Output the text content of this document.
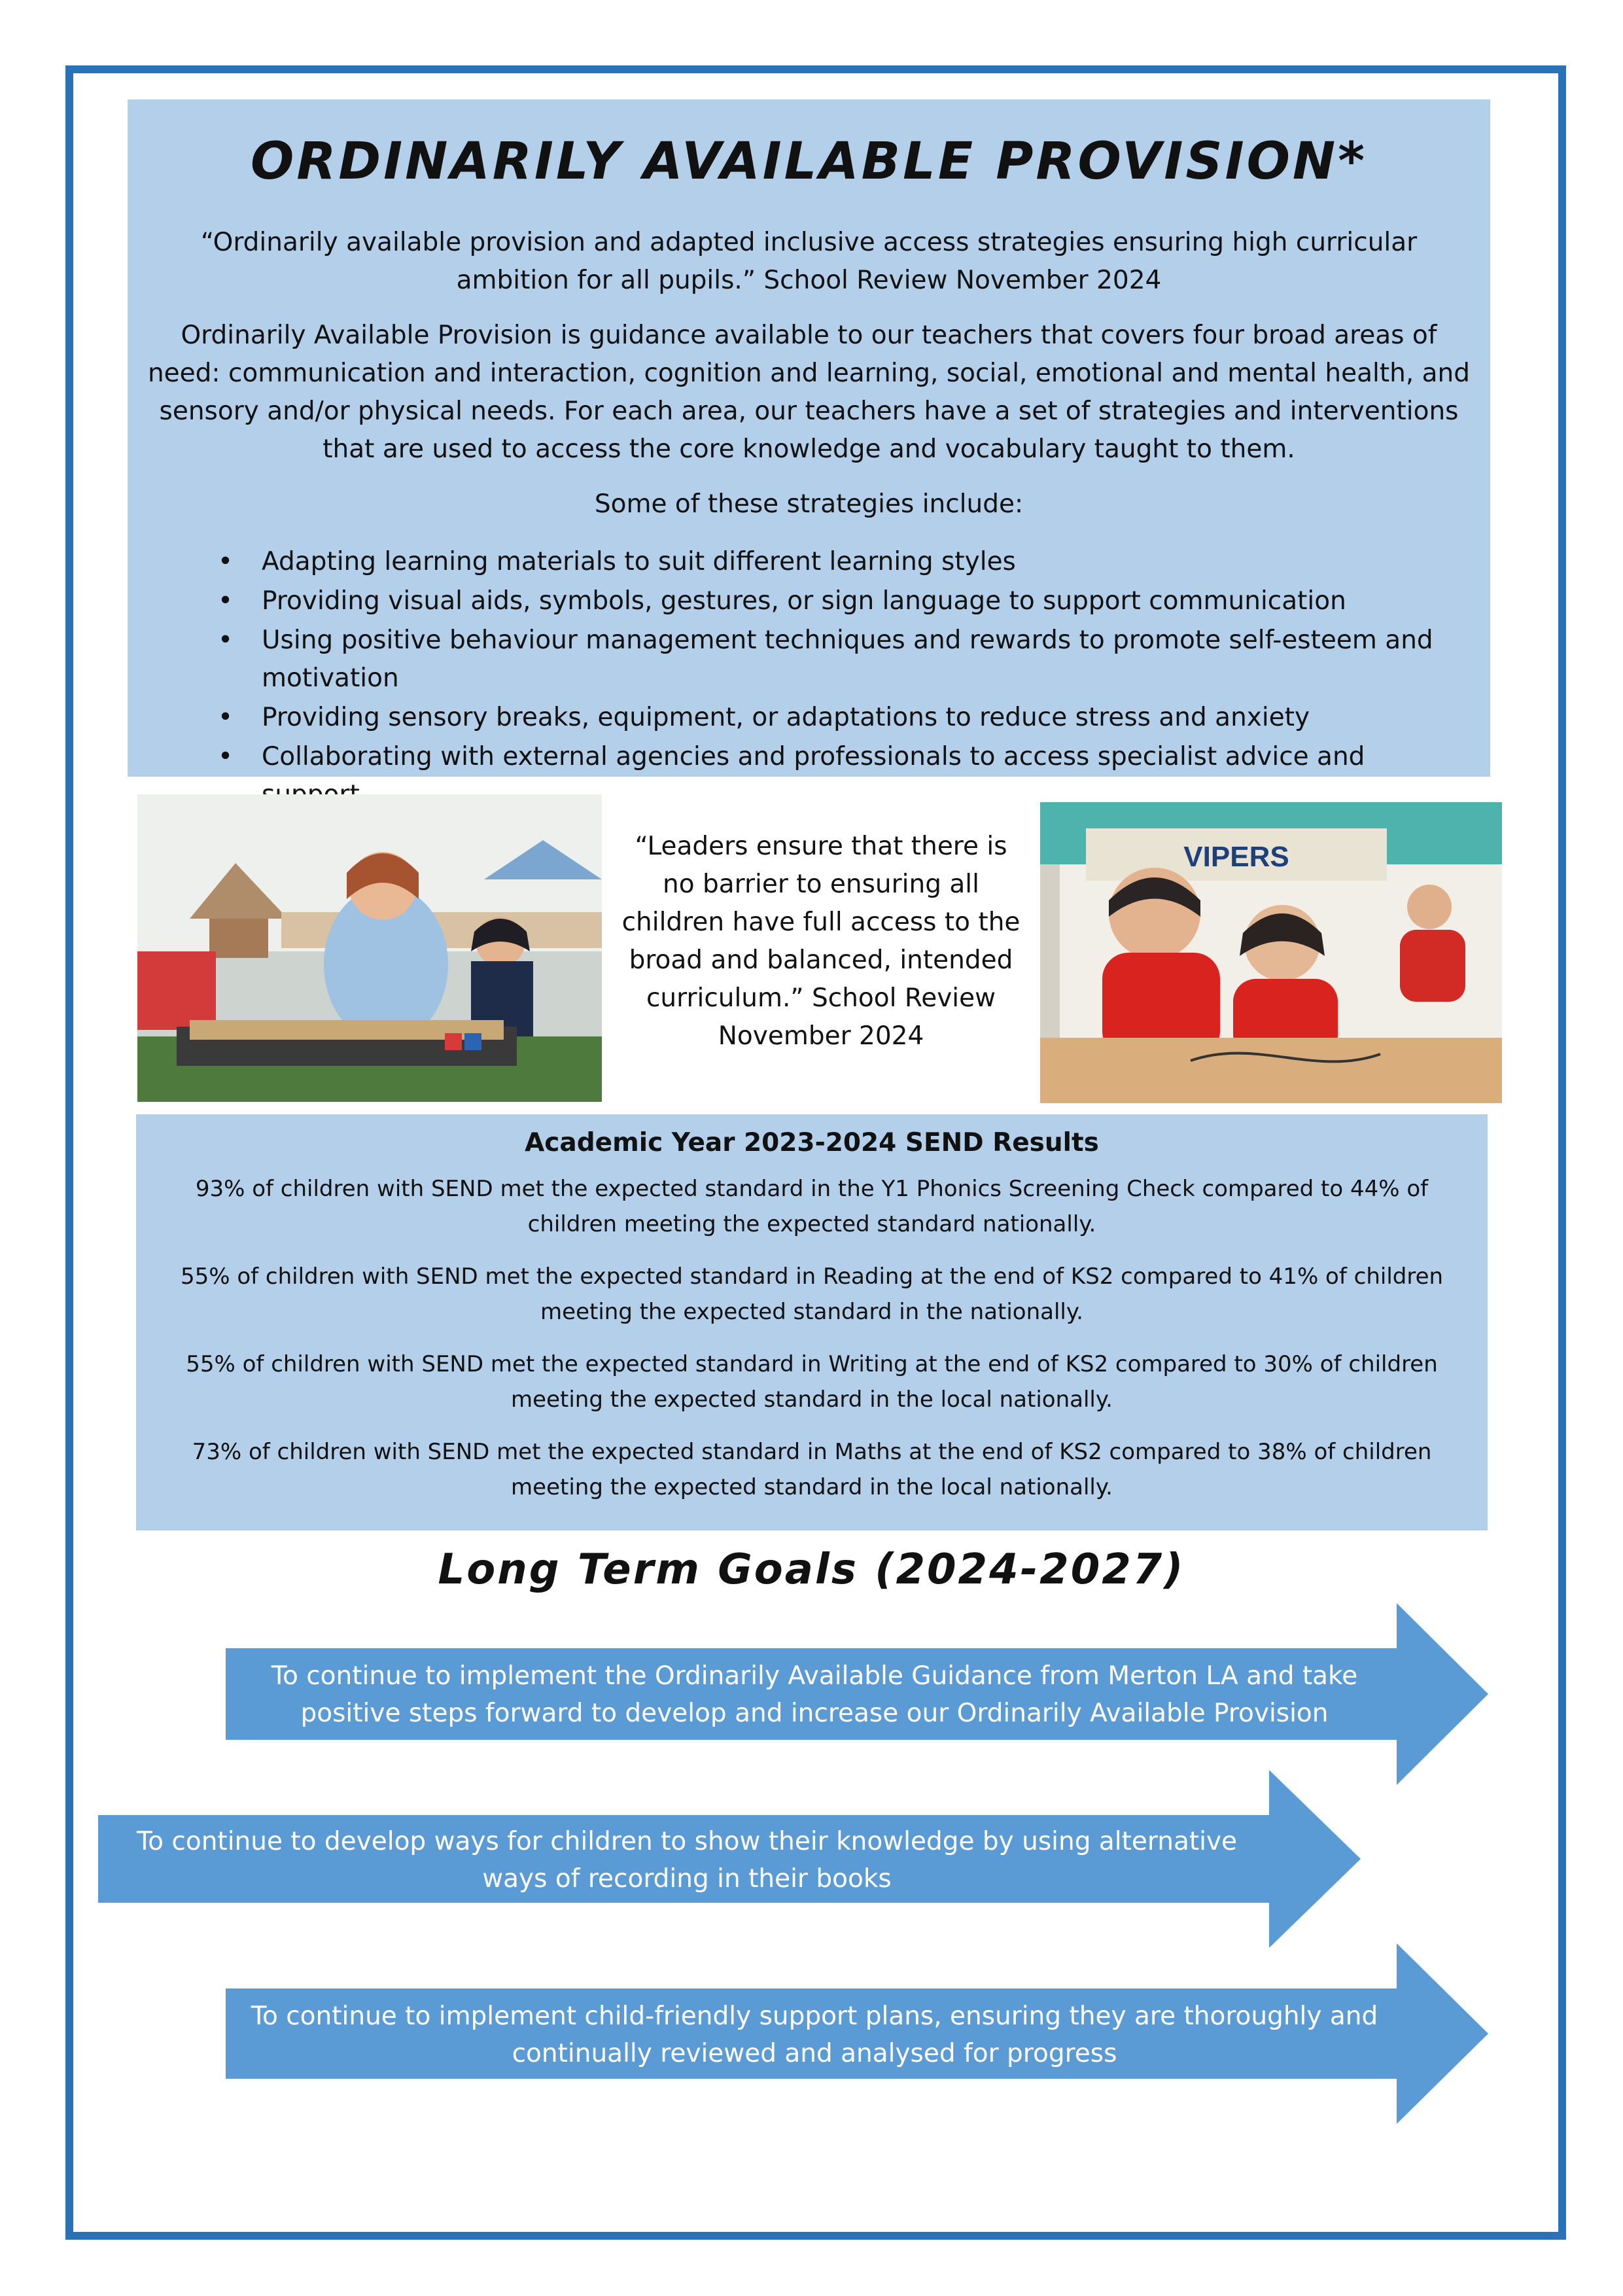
ORDINARILY AVAILABLE PROVISION*

“Ordinarily available provision and adapted inclusive access strategies ensuring high curricular ambition for all pupils.” School Review November 2024

Ordinarily Available Provision is guidance available to our teachers that covers four broad areas of need: communication and interaction, cognition and learning, social, emotional and mental health, and sensory and/or physical needs. For each area, our teachers have a set of strategies and interventions that are used to access the core knowledge and vocabulary taught to them.

Some of these strategies include:

• Adapting learning materials to suit different learning styles
• Providing visual aids, symbols, gestures, or sign language to support communication
• Using positive behaviour management techniques and rewards to promote self-esteem and motivation
• Providing sensory breaks, equipment, or adaptations to reduce stress and anxiety
• Collaborating with external agencies and professionals to access specialist advice and
“Leaders ensure that there is no barrier to ensuring all children have full access to the broad and balanced, intended curriculum.” School Review November 2024
VIPERS
Academic Year 2023-2024 SEND Results

93% of children with SEND met the expected standard in the Y1 Phonics Screening Check compared to 44% of children meeting the expected standard nationally.

55% of children with SEND met the expected standard in Reading at the end of KS2 compared to 41% of children meeting the expected standard in the nationally.

55% of children with SEND met the expected standard in Writing at the end of KS2 compared to 30% of children meeting the expected standard in the local nationally.

73% of children with SEND met the expected standard in Maths at the end of KS2 compared to 38% of children meeting the expected standard in the local nationally.

Long Term Goals (2024-2027)
To continue to implement the Ordinarily Available Guidance from Merton LA and take positive steps forward to develop and increase our Ordinarily Available Provision
To continue to develop ways for children to show their knowledge by using alternative ways of recording in their books
To continue to implement child-friendly support plans, ensuring they are thoroughly and continually reviewed and analysed for progress
